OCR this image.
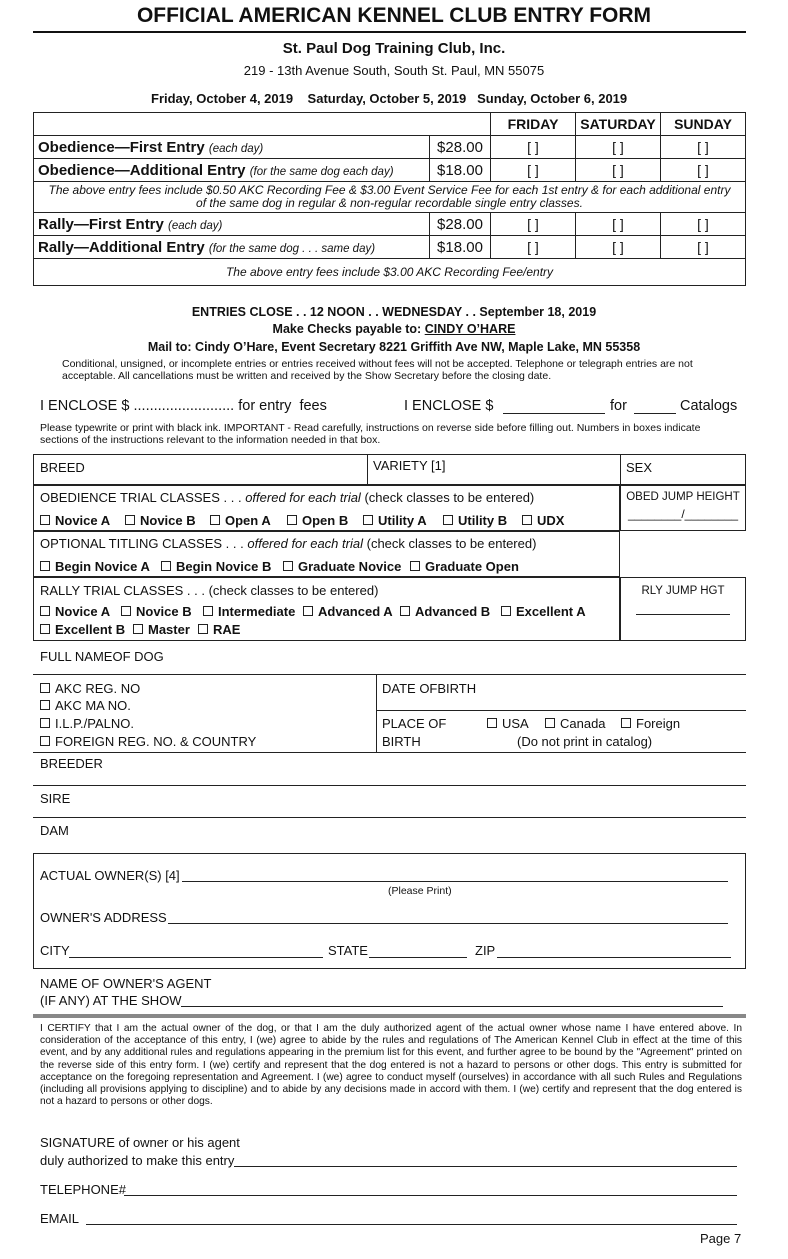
OFFICIAL AMERICAN KENNEL CLUB ENTRY FORM
St. Paul Dog Training Club, Inc.
219 - 13th Avenue South, South St. Paul, MN 55075
Friday, October 4, 2019    Saturday, October 5, 2019   Sunday, October 6, 2019
		FRIDAY	SATURDAY	SUNDAY
Obedience—First Entry (each day)	$28.00	[ ]	[ ]	[ ]
Obedience—Additional Entry (for the same dog each day)	$18.00	[ ]	[ ]	[ ]
The above entry fees include $0.50 AKC Recording Fee & $3.00 Event Service Fee for each 1st entry & for each additional entry of the same dog in regular & non-regular recordable single entry classes.				
Rally—First Entry (each day)	$28.00	[ ]	[ ]	[ ]
Rally—Additional Entry (for the same dog . . . same day)	$18.00	[ ]	[ ]	[ ]
The above entry fees include $3.00 AKC Recording Fee/entry				
ENTRIES CLOSE . . 12 NOON . . WEDNESDAY . . September 18, 2019
Make Checks payable to: CINDY O’HARE
Mail to: Cindy O’Hare, Event Secretary 8221 Griffith Ave NW, Maple Lake, MN 55358
Conditional, unsigned, or incomplete entries or entries received without fees will not be accepted. Telephone or telegraph entries are not acceptable. All cancellations must be written and received by the Show Secretary before the closing date.
I ENCLOSE $ ......................... for entry  fees	I ENCLOSE $	for	Catalogs
Please typewrite or print with black ink. IMPORTANT - Read carefully, instructions on reverse side before filling out. Numbers in boxes indicate sections of the instructions relevant to the information needed in that box.
BREED	VARIETY [1]	SEX
OBEDIENCE TRIAL CLASSES . . . offered for each trial (check classes to be entered)
Novice A	Novice B	Open A	Open B	Utility A	Utility B	UDX
OBED JUMP HEIGHT
________/________
OPTIONAL TITLING CLASSES . . . offered for each trial (check classes to be entered)
Begin Novice A	Begin Novice B	Graduate Novice	Graduate Open
RALLY TRIAL CLASSES . . . (check classes to be entered)
Novice A	Novice B	Intermediate	Advanced A	Advanced B	Excellent A
Excellent B	Master	RAE
RLY JUMP HGT
FULL NAMEOF DOG
AKC REG. NO
AKC MA NO.
I.L.P./PALNO.
FOREIGN REG. NO. & COUNTRY
DATE OFBIRTH
PLACE OF
BIRTH
USA	Canada	Foreign
(Do not print in catalog)
BREEDER
SIRE
DAM
ACTUAL OWNER(S) [4]
(Please Print)
OWNER'S ADDRESS
CITY	STATE	ZIP
NAME OF OWNER'S AGENT
(IF ANY) AT THE SHOW
I CERTIFY that I am the actual owner of the dog, or that I am the duly authorized agent of the actual owner whose name I have entered above. In consideration of the acceptance of this entry, I (we) agree to abide by the rules and regulations of The American Kennel Club in effect at the time of this event, and by any additional rules and regulations appearing in the premium list for this event, and further agree to be bound by the "Agreement" printed on the reverse side of this entry form. I (we) certify and represent that the dog entered is not a hazard to persons or other dogs. This entry is submitted for acceptance on the foregoing representation and Agreement. I (we) agree to conduct myself (ourselves) in accordance with all such Rules and Regulations (including all provisions applying to discipline) and to abide by any decisions made in accord with them. I (we) certify and represent that the dog entered is not a hazard to persons or other dogs.
SIGNATURE of owner or his agent
duly authorized to make this entry
TELEPHONE#
EMAIL
Page 7
